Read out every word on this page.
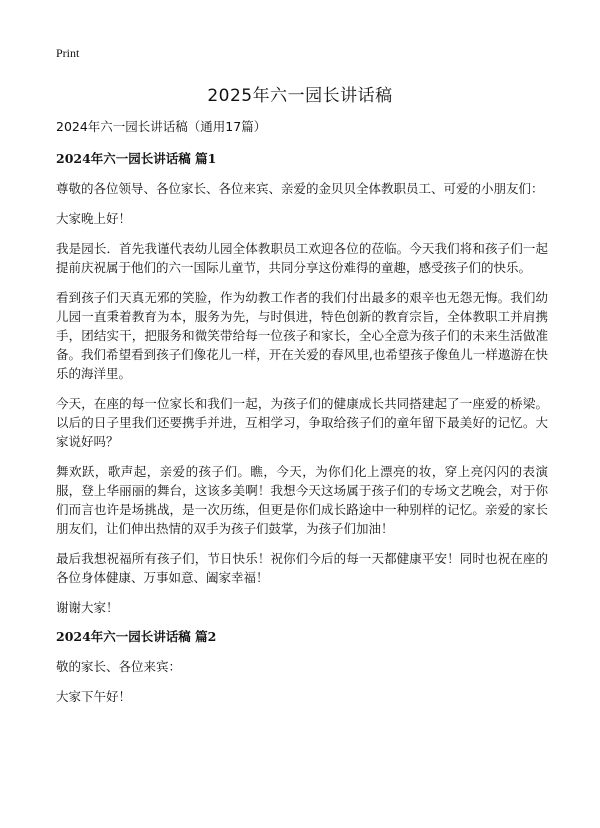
Print
2025年六一园长讲话稿

2024年六一园长讲话稿（通用17篇）

2024年六一园长讲话稿 篇1

尊敬的各位领导、各位家长、各位来宾、亲爱的金贝贝全体教职员工、可爱的小朋友们：

大家晚上好！

我是园长．首先我谨代表幼儿园全体教职员工欢迎各位的莅临。今天我们将和孩子们一起提前庆祝属于他们的六一国际儿童节，共同分享这份难得的童趣，感受孩子们的快乐。

看到孩子们天真无邪的笑脸，作为幼教工作者的我们付出最多的艰辛也无怨无悔。我们幼儿园一直秉着教育为本，服务为先，与时俱进，特色创新的教育宗旨，全体教职工并肩携手，团结实干，把服务和微笑带给每一位孩子和家长，全心全意为孩子们的未来生活做准备。我们希望看到孩子们像花儿一样，开在关爱的春风里,也希望孩子像鱼儿一样遨游在快乐的海洋里。

今天，在座的每一位家长和我们一起，为孩子们的健康成长共同搭建起了一座爱的桥梁。以后的日子里我们还要携手并进，互相学习，争取给孩子们的童年留下最美好的记忆。大家说好吗？

舞欢跃，歌声起，亲爱的孩子们。瞧，今天，为你们化上漂亮的妆，穿上亮闪闪的表演服，登上华丽丽的舞台，这该多美啊！我想今天这场属于孩子们的专场文艺晚会，对于你们而言也许是场挑战，是一次历练，但更是你们成长路途中一种别样的记忆。亲爱的家长朋友们，让们伸出热情的双手为孩子们鼓掌，为孩子们加油！

最后我想祝福所有孩子们，节日快乐！祝你们今后的每一天都健康平安！同时也祝在座的各位身体健康、万事如意、阖家幸福！

谢谢大家！

2024年六一园长讲话稿 篇2

敬的家长、各位来宾：

大家下午好！
